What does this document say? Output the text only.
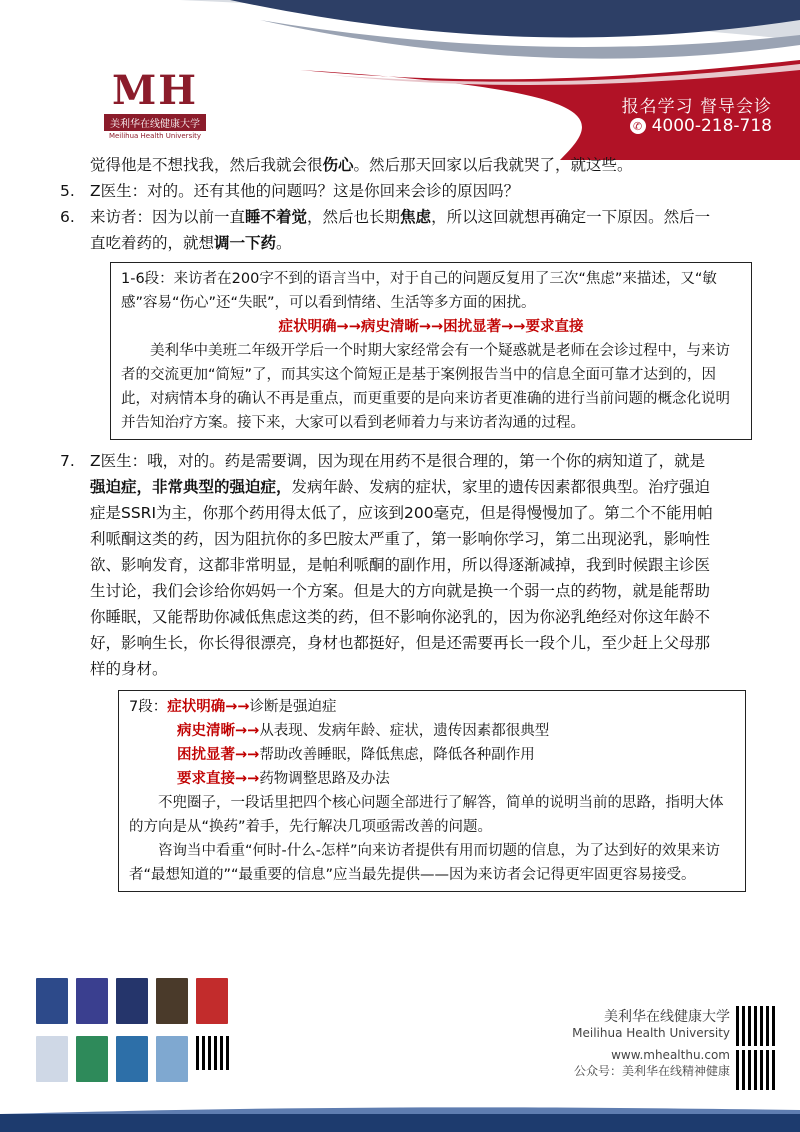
MH
美利华在线健康大学
Meilihua Health University
报名学习 督导会诊
✆ 4000-218-718

觉得他是不想找我，然后我就会很伤心。然后那天回家以后我就哭了，就这些。

5. Z医生：对的。还有其他的问题吗？这是你回来会诊的原因吗？

6. 来访者：因为以前一直睡不着觉，然后也长期焦虑，所以这回就想再确定一下原因。然后一直吃着药的，就想调一下药。

1-6段：来访者在200字不到的语言当中，对于自己的问题反复用了三次“焦虑”来描述，又“敏感”容易“伤心”还“失眠”，可以看到情绪、生活等多方面的困扰。
症状明确→→病史清晰→→困扰显著→→要求直接
美利华中美班二年级开学后一个时期大家经常会有一个疑惑就是老师在会诊过程中，与来访者的交流更加“简短”了，而其实这个简短正是基于案例报告当中的信息全面可靠才达到的，因此，对病情本身的确认不再是重点，而更重要的是向来访者更准确的进行当前问题的概念化说明并告知治疗方案。接下来，大家可以看到老师着力与来访者沟通的过程。

7. Z医生：哦，对的。药是需要调，因为现在用药不是很合理的，第一个你的病知道了，就是强迫症，非常典型的强迫症，发病年龄、发病的症状，家里的遗传因素都很典型。治疗强迫症是SSRI为主，你那个药用得太低了，应该到200毫克，但是得慢慢加了。第二个不能用帕利哌酮这类的药，因为阻抗你的多巴胺太严重了，第一影响你学习，第二出现泌乳，影响性欲、影响发育，这都非常明显，是帕利哌酮的副作用，所以得逐渐减掉，我到时候跟主诊医生讨论，我们会诊给你妈妈一个方案。但是大的方向就是换一个弱一点的药物，就是能帮助你睡眠，又能帮助你减低焦虑这类的药，但不影响你泌乳的，因为你泌乳绝经对你这年龄不好，影响生长，你长得很漂亮，身材也都挺好，但是还需要再长一段个儿，至少赶上父母那样的身材。

7段：症状明确→→诊断是强迫症
病史清晰→→从表现、发病年龄、症状，遗传因素都很典型
困扰显著→→帮助改善睡眠，降低焦虑，降低各种副作用
要求直接→→药物调整思路及办法
不兜圈子，一段话里把四个核心问题全部进行了解答，简单的说明当前的思路，指明大体的方向是从“换药”着手，先行解决几项亟需改善的问题。
咨询当中看重“何时-什么-怎样”向来访者提供有用而切题的信息，为了达到好的效果来访者“最想知道的”“最重要的信息”应当最先提供——因为来访者会记得更牢固更容易接受。
美利华在线健康大学
Meilihua Health University
www.mhealthu.com
公众号：美利华在线精神健康
